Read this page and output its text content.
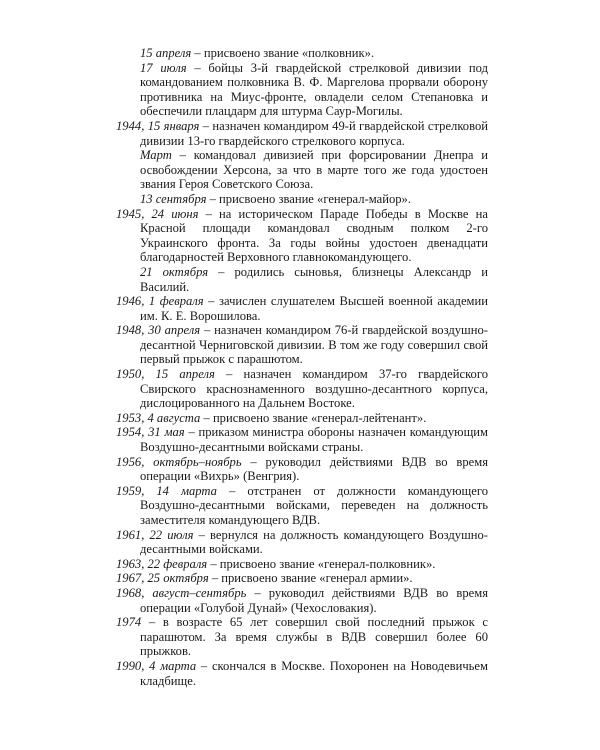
15 апреля – присвоено звание «полковник».

17 июля – бойцы 3-й гвардейской стрелковой дивизии под командованием полковника В. Ф. Маргелова прорвали оборону противника на Миус-фронте, овладели селом Степановка и обеспечили плацдарм для штурма Саур-Могилы.

1944, 15 января – назначен командиром 49-й гвардейской стрелковой дивизии 13-го гвардейского стрелкового корпуса.

Март – командовал дивизией при форсировании Днепра и освобождении Херсона, за что в марте того же года удостоен звания Героя Советского Союза.

13 сентября – присвоено звание «генерал-майор».

1945, 24 июня – на историческом Параде Победы в Москве на Красной площади командовал сводным полком 2-го Украинского фронта. За годы войны удостоен двенадцати благодарностей Верховного главнокомандующего.

21 октября – родились сыновья, близнецы Александр и Василий.

1946, 1 февраля – зачислен слушателем Высшей военной академии им. К. Е. Ворошилова.

1948, 30 апреля – назначен командиром 76-й гвардейской воздушно-десантной Черниговской дивизии. В том же году совершил свой первый прыжок с парашютом.

1950, 15 апреля – назначен командиром 37-го гвардейского Свирского краснознаменного воздушно-десантного корпуса, дислоцированного на Дальнем Востоке.

1953, 4 августа – присвоено звание «генерал-лейтенант».

1954, 31 мая – приказом министра обороны назначен командующим Воздушно-десантными войсками страны.

1956, октябрь–ноябрь – руководил действиями ВДВ во время операции «Вихрь» (Венгрия).

1959, 14 марта – отстранен от должности командующего Воздушно-десантными войсками, переведен на должность заместителя командующего ВДВ.

1961, 22 июля – вернулся на должность командующего Воздушно-десантными войсками.

1963, 22 февраля – присвоено звание «генерал-полковник».

1967, 25 октября – присвоено звание «генерал армии».

1968, август–сентябрь – руководил действиями ВДВ во время операции «Голубой Дунай» (Чехословакия).

1974 – в возрасте 65 лет совершил свой последний прыжок с парашютом. За время службы в ВДВ совершил более 60 прыжков.

1990, 4 марта – скончался в Москве. Похоронен на Новодевичьем кладбище.
